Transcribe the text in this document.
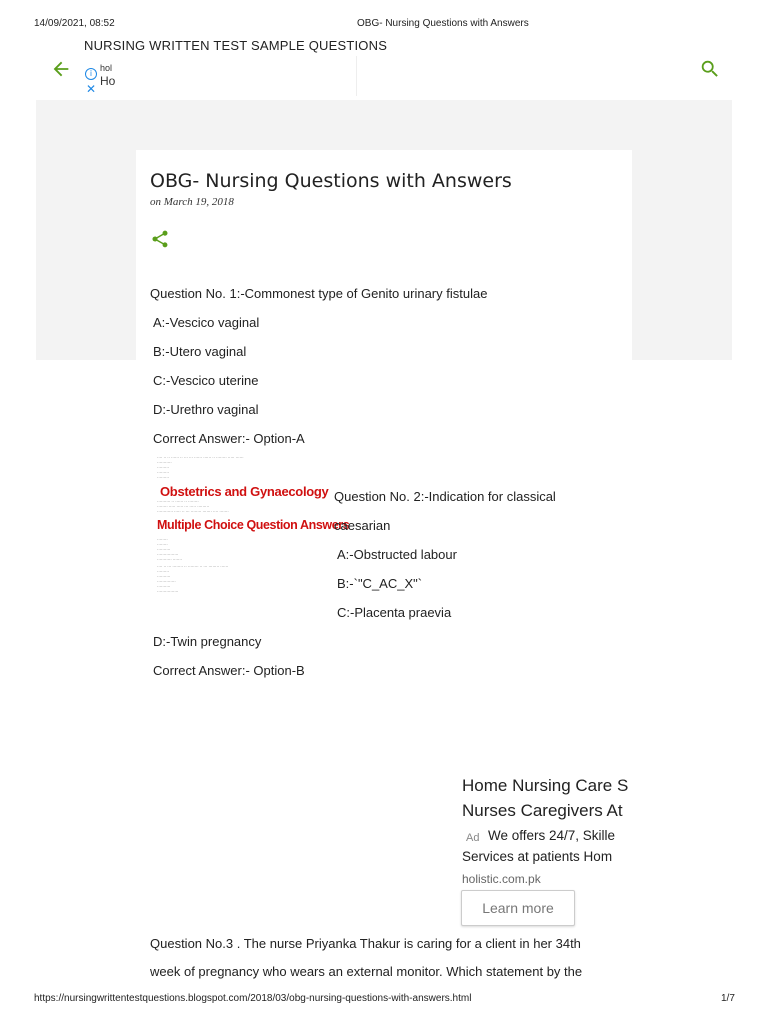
14/09/2021, 08:52	OBG- Nursing Questions with Answers
NURSING WRITTEN TEST SAMPLE QUESTIONS
i
✕
hol
Ho
OBG- Nursing Questions with Answers
on March 19, 2018
Question No. 1:-Commonest type of Genito urinary fistulae
A:-Vescico vaginal
B:-Utero vaginal
C:-Vescico uterine
D:-Urethro vaginal
Correct Answer:- Option-A
···· ·· ·· ······ ·· ··· ··· ······ ······ ·· ········ ····· ······
···········
·········
·········
·········
Obstetrics and Gynaecology
·········· ·· ······ ·· ········
········ ····· ····· ··· ····· ·········
············ ····· ·· ··· ········ ······· ···· ·······
Multiple Choice Question Answers
········
········
··········
················
··········· ·······
···· ·· ··· ········ ·· ········ ·· ··· ········ ······
·········
··········
··············
··········
················
Question No. 2:-Indication for classical
caesarian
A:-Obstructed labour
B:-`"C_AC_X"`
C:-Placenta praevia
D:-Twin pregnancy
Correct Answer:- Option-B
Home Nursing Care S
Nurses Caregivers At
Ad We offers 24/7, Skille
Services at patients Hom
holistic.com.pk
Learn more
Question No.3 . The nurse Priyanka Thakur is caring for a client in her 34th
week of pregnancy who wears an external monitor. Which statement by the
https://nursingwrittentestquestions.blogspot.com/2018/03/obg-nursing-questions-with-answers.html	1/7
